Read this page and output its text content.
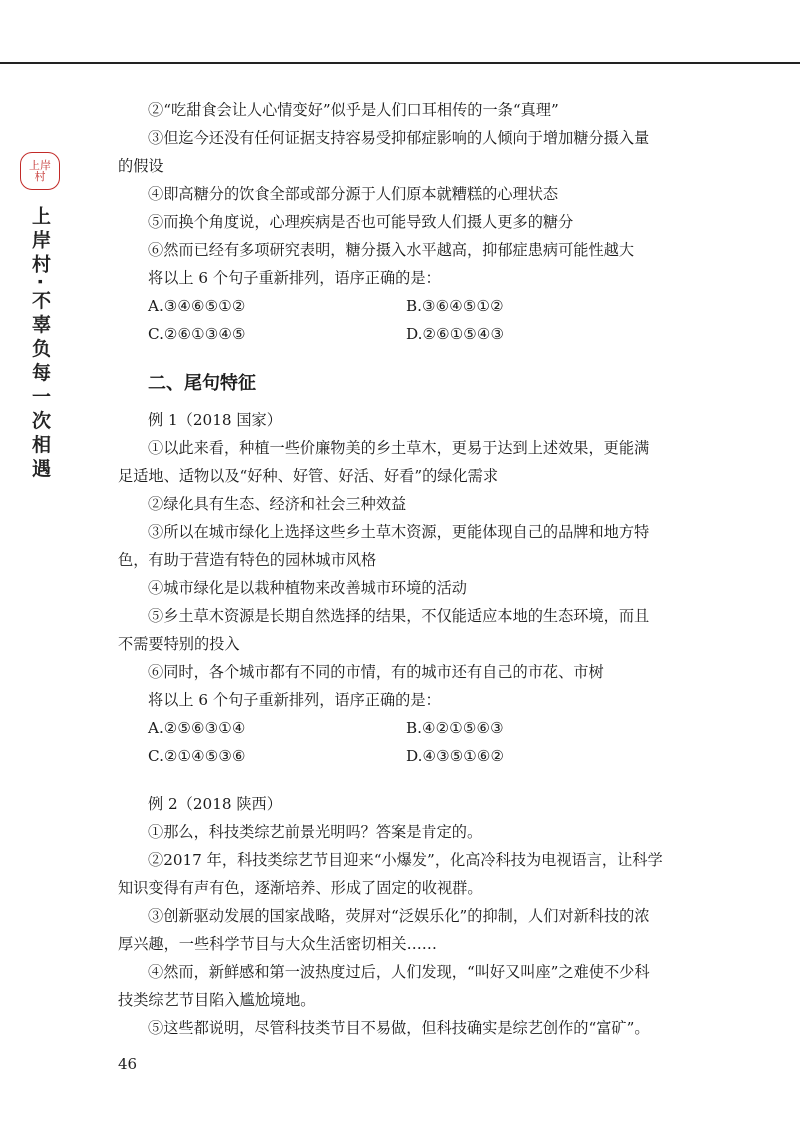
上岸村
上岸村·不辜负每一次相遇
②“吃甜食会让人心情变好”似乎是人们口耳相传的一条“真理”
③但迄今还没有任何证据支持容易受抑郁症影响的人倾向于增加糖分摄入量
的假设
④即高糖分的饮食全部或部分源于人们原本就糟糕的心理状态
⑤而换个角度说，心理疾病是否也可能导致人们摄人更多的糖分
⑥然而已经有多项研究表明，糖分摄入水平越高，抑郁症患病可能性越大
将以上 6 个句子重新排列，语序正确的是：
A.③④⑥⑤①②	B.③⑥④⑤①②
C.②⑥①③④⑤	D.②⑥①⑤④③
二、尾句特征
例 1（2018 国家）
①以此来看，种植一些价廉物美的乡土草木，更易于达到上述效果，更能满
足适地、适物以及“好种、好管、好活、好看”的绿化需求
②绿化具有生态、经济和社会三种效益
③所以在城市绿化上选择这些乡土草木资源，更能体现自己的品牌和地方特
色，有助于营造有特色的园林城市风格
④城市绿化是以栽种植物来改善城市环境的活动
⑤乡土草木资源是长期自然选择的结果，不仅能适应本地的生态环境，而且
不需要特别的投入
⑥同时，各个城市都有不同的市情，有的城市还有自己的市花、市树
将以上 6 个句子重新排列，语序正确的是：
A.②⑤⑥③①④	B.④②①⑤⑥③
C.②①④⑤③⑥	D.④③⑤①⑥②
例 2（2018 陕西）
①那么，科技类综艺前景光明吗？答案是肯定的。
②2017 年，科技类综艺节目迎来“小爆发”，化高冷科技为电视语言，让科学
知识变得有声有色，逐渐培养、形成了固定的收视群。
③创新驱动发展的国家战略，荧屏对“泛娱乐化”的抑制，人们对新科技的浓
厚兴趣，一些科学节目与大众生活密切相关……
④然而，新鲜感和第一波热度过后，人们发现，“叫好又叫座”之难使不少科
技类综艺节目陷入尴尬境地。
⑤这些都说明，尽管科技类节目不易做，但科技确实是综艺创作的“富矿”。
46
